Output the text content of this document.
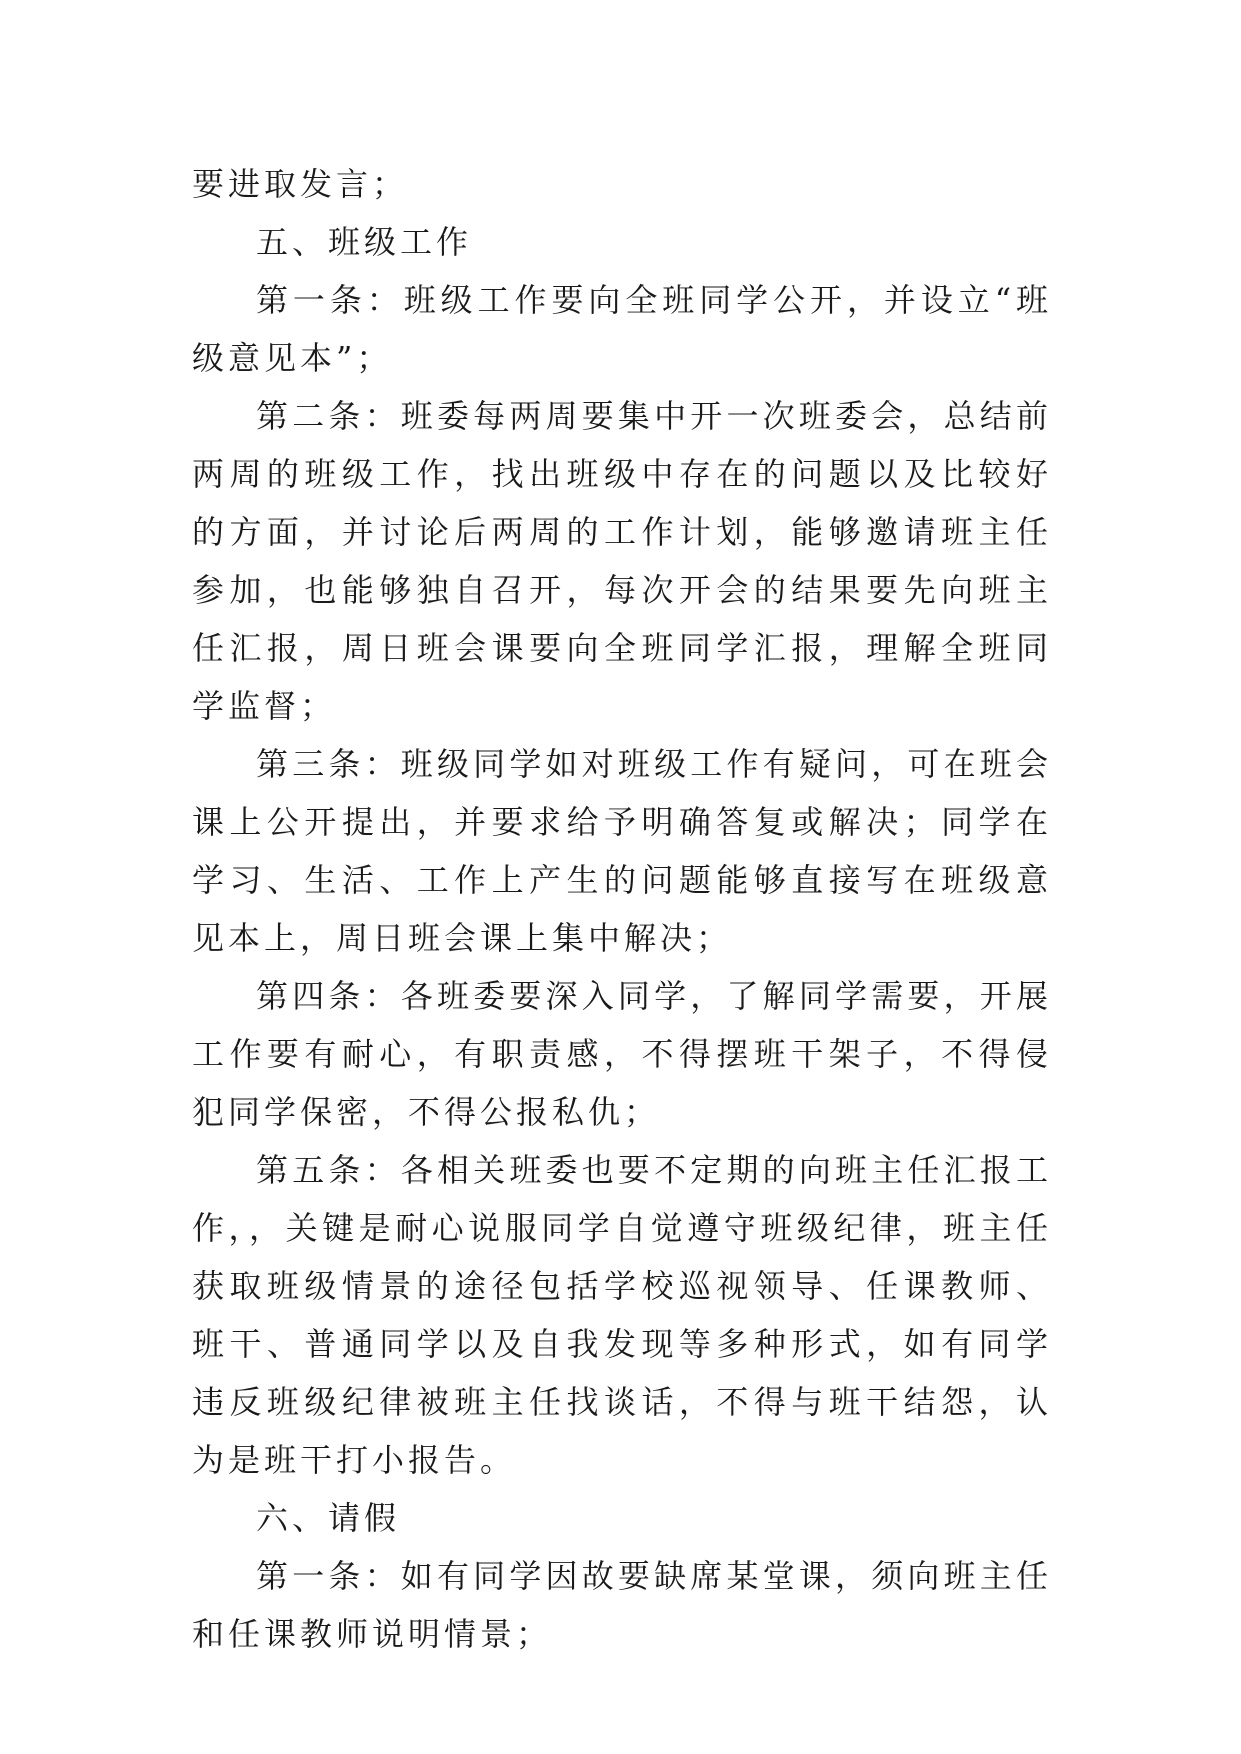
要进取发言；

五、班级工作

第一条：班级工作要向全班同学公开，并设立“班级意见本”；

第二条：班委每两周要集中开一次班委会，总结前两周的班级工作，找出班级中存在的问题以及比较好的方面，并讨论后两周的工作计划，能够邀请班主任参加，也能够独自召开，每次开会的结果要先向班主任汇报，周日班会课要向全班同学汇报，理解全班同学监督；

第三条：班级同学如对班级工作有疑问，可在班会课上公开提出，并要求给予明确答复或解决；同学在学习、生活、工作上产生的问题能够直接写在班级意见本上，周日班会课上集中解决；

第四条：各班委要深入同学，了解同学需要，开展工作要有耐心，有职责感，不得摆班干架子，不得侵犯同学保密，不得公报私仇；

第五条：各相关班委也要不定期的向班主任汇报工作，，关键是耐心说服同学自觉遵守班级纪律，班主任获取班级情景的途径包括学校巡视领导、任课教师、班干、普通同学以及自我发现等多种形式，如有同学违反班级纪律被班主任找谈话，不得与班干结怨，认为是班干打小报告。

六、请假

第一条：如有同学因故要缺席某堂课，须向班主任和任课教师说明情景；
